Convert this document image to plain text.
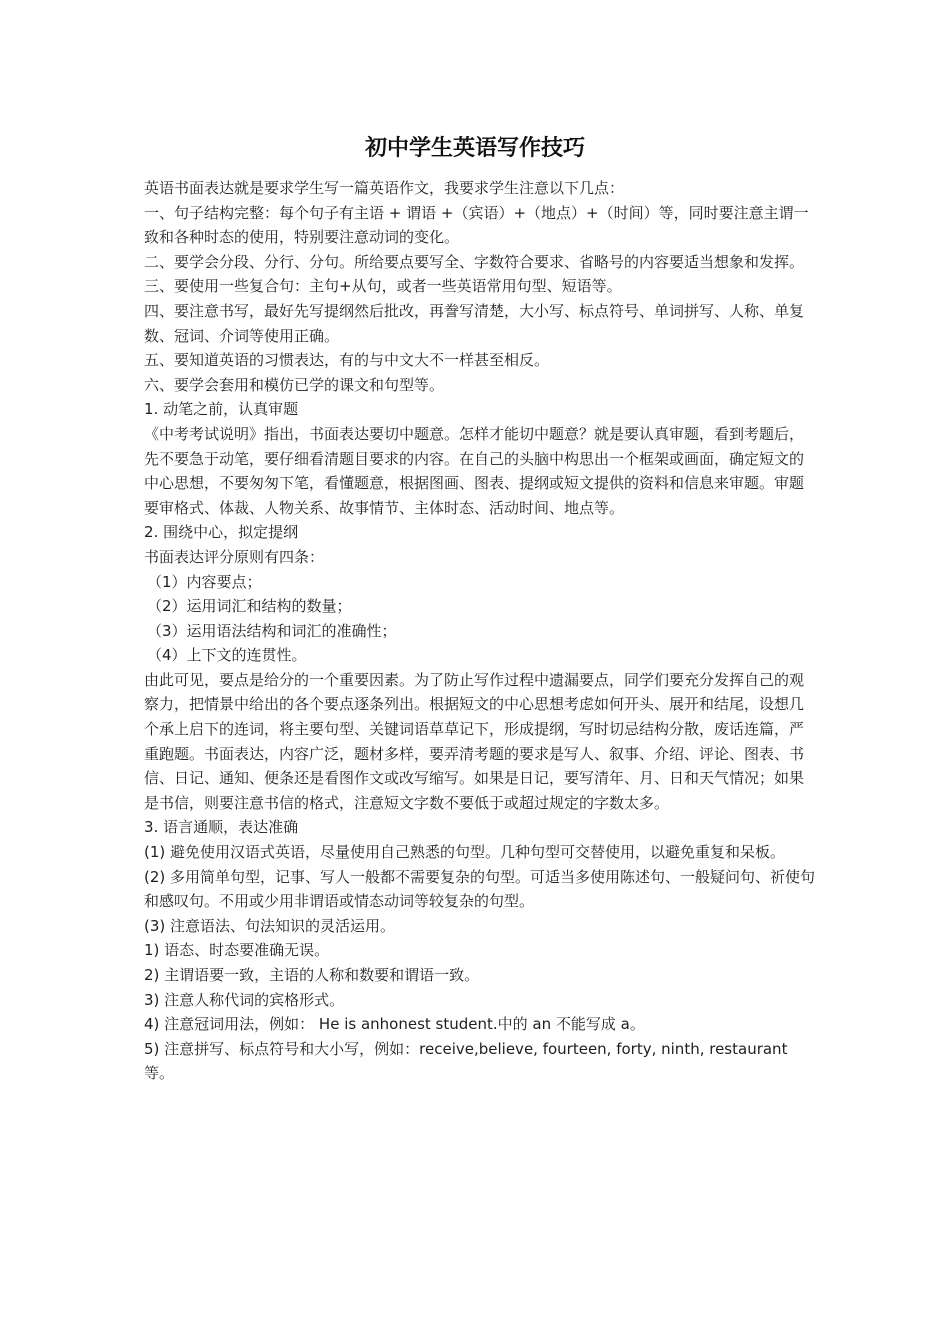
初中学生英语写作技巧

英语书面表达就是要求学生写一篇英语作文，我要求学生注意以下几点：

一、句子结构完整：每个句子有主语 + 谓语 +（宾语）+（地点）+（时间）等，同时要注意主谓一致和各种时态的使用，特别要注意动词的变化。

二、要学会分段、分行、分句。所给要点要写全、字数符合要求、省略号的内容要适当想象和发挥。

三、要使用一些复合句：主句+从句，或者一些英语常用句型、短语等。

四、要注意书写，最好先写提纲然后批改，再誊写清楚，大小写、标点符号、单词拼写、人称、单复数、冠词、介词等使用正确。

五、要知道英语的习惯表达，有的与中文大不一样甚至相反。

六、要学会套用和模仿已学的课文和句型等。

1. 动笔之前，认真审题

《中考考试说明》指出，书面表达要切中题意。怎样才能切中题意？就是要认真审题，看到考题后，先不要急于动笔，要仔细看清题目要求的内容。在自己的头脑中构思出一个框架或画面，确定短文的中心思想，不要匆匆下笔，看懂题意，根据图画、图表、提纲或短文提供的资料和信息来审题。审题要审格式、体裁、人物关系、故事情节、主体时态、活动时间、地点等。

2. 围绕中心，拟定提纲

书面表达评分原则有四条：

（1）内容要点；

（2）运用词汇和结构的数量；

（3）运用语法结构和词汇的准确性；

（4）上下文的连贯性。

由此可见，要点是给分的一个重要因素。为了防止写作过程中遗漏要点，同学们要充分发挥自己的观察力，把情景中给出的各个要点逐条列出。根据短文的中心思想考虑如何开头、展开和结尾，设想几个承上启下的连词，将主要句型、关键词语草草记下，形成提纲，写时切忌结构分散，废话连篇，严重跑题。书面表达，内容广泛，题材多样，要弄清考题的要求是写人、叙事、介绍、评论、图表、书信、日记、通知、便条还是看图作文或改写缩写。如果是日记，要写清年、月、日和天气情况；如果是书信，则要注意书信的格式，注意短文字数不要低于或超过规定的字数太多。

3. 语言通顺，表达准确

(1) 避免使用汉语式英语，尽量使用自己熟悉的句型。几种句型可交替使用，以避免重复和呆板。

(2) 多用简单句型，记事、写人一般都不需要复杂的句型。可适当多使用陈述句、一般疑问句、祈使句和感叹句。不用或少用非谓语或情态动词等较复杂的句型。

(3) 注意语法、句法知识的灵活运用。

1) 语态、时态要准确无误。

2) 主谓语要一致，主语的人称和数要和谓语一致。

3) 注意人称代词的宾格形式。

4) 注意冠词用法，例如： He is anhonest student.中的 an 不能写成 a。

5) 注意拼写、标点符号和大小写，例如：receive,believe, fourteen, forty, ninth, restaurant 等。
